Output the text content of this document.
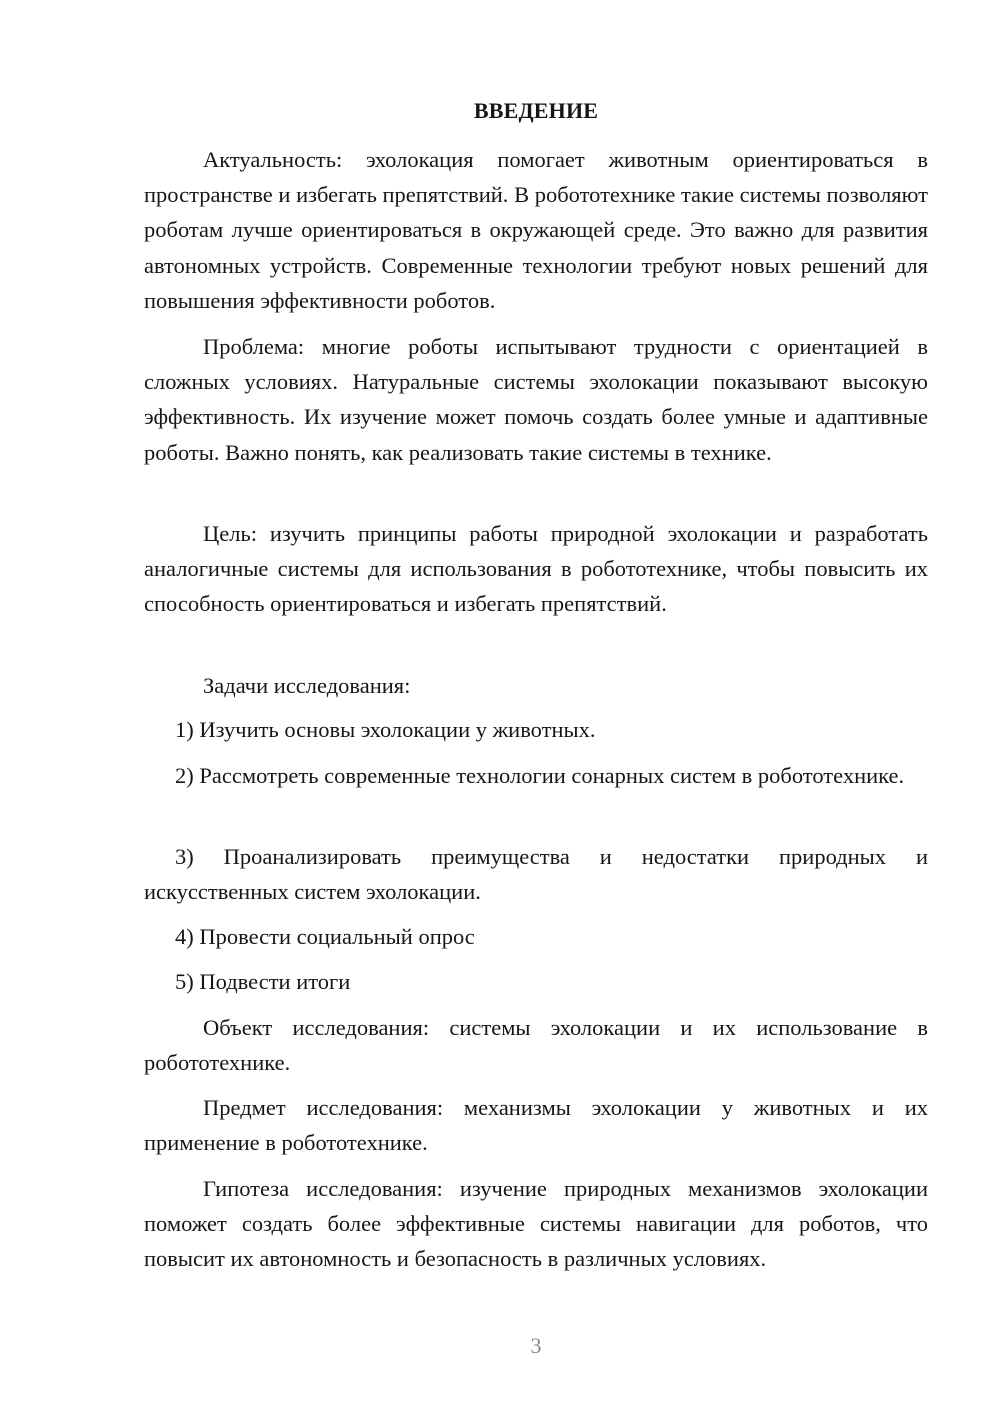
ВВЕДЕНИЕ

Актуальность: эхолокация помогает животным ориентироваться в пространстве и избегать препятствий. В робототехнике такие системы позволяют роботам лучше ориентироваться в окружающей среде. Это важно для развития автономных устройств. Современные технологии требуют новых решений для повышения эффективности роботов.

Проблема: многие роботы испытывают трудности с ориентацией в сложных условиях. Натуральные системы эхолокации показывают высокую эффективность. Их изучение может помочь создать более умные и адаптивные роботы. Важно понять, как реализовать такие системы в технике.

Цель: изучить принципы работы природной эхолокации и разработать аналогичные системы для использования в робототехнике, чтобы повысить их способность ориентироваться и избегать препятствий.

Задачи исследования:

1) Изучить основы эхолокации у животных.

2) Рассмотреть современные технологии сонарных систем в робототехнике.

3) Проанализировать преимущества и недостатки природных и искусственных систем эхолокации.

4) Провести социальный опрос

5) Подвести итоги

Объект исследования: системы эхолокации и их использование в робототехнике.

Предмет исследования: механизмы эхолокации у животных и их применение в робототехнике.

Гипотеза исследования: изучение природных механизмов эхолокации поможет создать более эффективные системы навигации для роботов, что повысит их автономность и безопасность в различных условиях.

3
